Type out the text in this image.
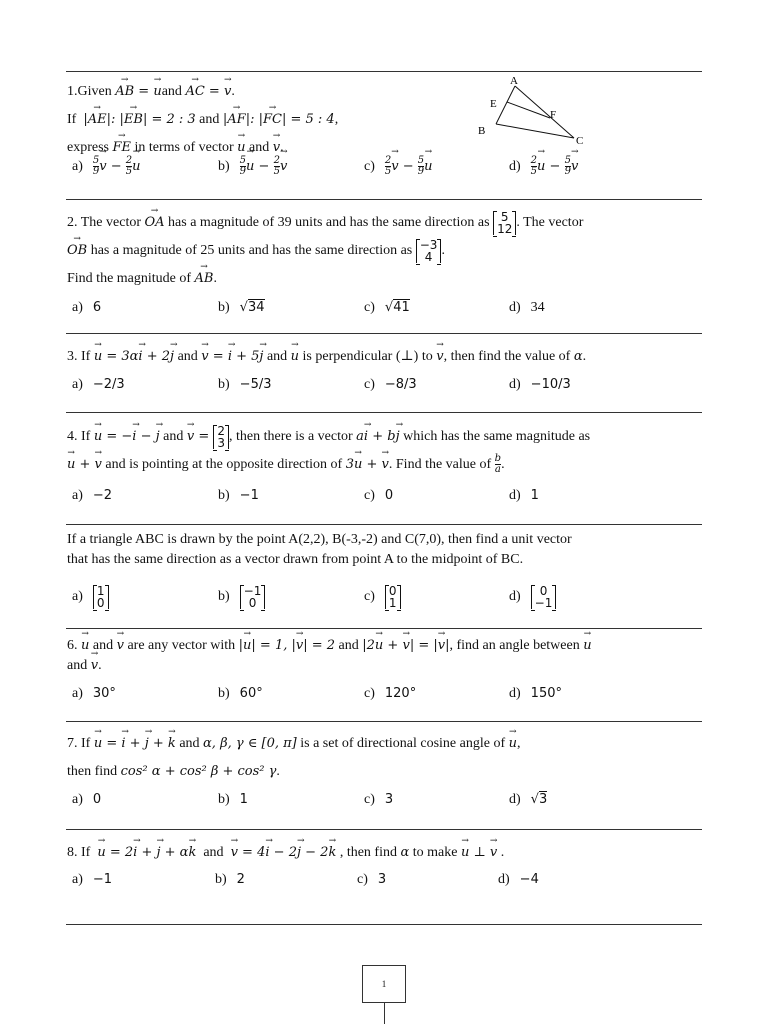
1.Given → AB = → uand → AC = → v.
If  |→ AE|: |→ EB| = 2 : 3 and |→ AF|: |→ FC| = 5 : 4,
express → FE in terms of vector → u and → v.
A
E
F
B
C
$a) \frac{5}{9}$
→ $v - \frac{2}{5}$
→ u	$b) \frac{5}{9}$
→ $u - \frac{2}{5}$
→ v	$c) \frac{2}{5}$
→ $v - \frac{5}{9}$
→ u	$d) \frac{2}{5}$
→ $u - \frac{5}{9}$
→ v
2. The vector → OA has a magnitude of 39 units and has the same direction as 5
12 . The vector
→ OB has a magnitude of 25 units and has the same direction as −3
4 .
Find the magnitude of → AB.
a) 6	b) √34	c) √41	d) 34
3. If → u = 3α→ i + 2→ j and → v = → i + 5→ j and → u is perpendicular (⊥) to → v, then find the value of α.
a) −2/3	b) −5/3	c) −8/3	d) −10/3
4. If → u = −→ i − → j and → v = 2
3 , then there is a vector a→ i + b→ j which has the same magnitude as
→ u + → v and is pointing at the opposite direction of 3→ u + → v. Find the value of $\frac{b}{a}$ .
a) −2	b) −1	c) 0	d) 1
If a triangle ABC is drawn by the point A(2,2), B(-3,-2) and C(7,0), then find a unit vector
that has the same direction as a vector drawn from point A to the midpoint of BC.
a) 1
0	b) −1
0	c) 0
1	d)	0
−1
6. → u and → v are any vector with |→ u| = 1, |→ v| = 2 and |2→ u + → v| = |→ v|, find an angle between → u
and → v.
a) 30°	b) 60°	c) 120°	d) 150°
7. If → u = → i + → j + → k and α, β, γ ∈ [0, π] is a set of directional cosine angle of → u,
then find cos² α + cos² β + cos² γ.
a) 0	b) 1	c) 3	d) √3
8. If  → u = 2→ i + → j + α→ k  and  → v = 4→ i − 2→ j − 2→ k , then find α to make → u ⊥ → v .
a) −1	b) 2	c) 3	d) −4
1
